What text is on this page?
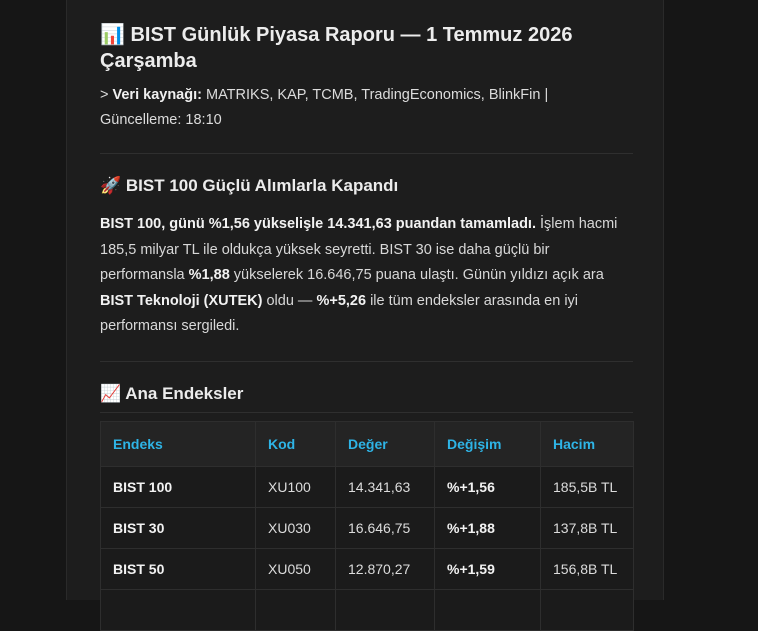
📊 BIST Günlük Piyasa Raporu — 1 Temmuz 2026 Çarşamba
> Veri kaynağı: MATRIKS, KAP, TCMB, TradingEconomics, BlinkFin | Güncelleme: 18:10
🚀 BIST 100 Güçlü Alımlarla Kapandı
BIST 100, günü %1,56 yükselişle 14.341,63 puandan tamamladı. İşlem hacmi 185,5 milyar TL ile oldukça yüksek seyretti. BIST 30 ise daha güçlü bir performansla %1,88 yükselerek 16.646,75 puana ulaştı. Günün yıldızı açık ara BIST Teknoloji (XUTEK) oldu — %+5,26 ile tüm endeksler arasında en iyi performansı sergiledi.
📈 Ana Endeksler
Endeks	Kod	Değer	Değişim	Hacim
BIST 100	XU100	14.341,63	%+1,56	185,5B TL
BIST 30	XU030	16.646,75	%+1,88	137,8B TL
BIST 50	XU050	12.870,27	%+1,59	156,8B TL
